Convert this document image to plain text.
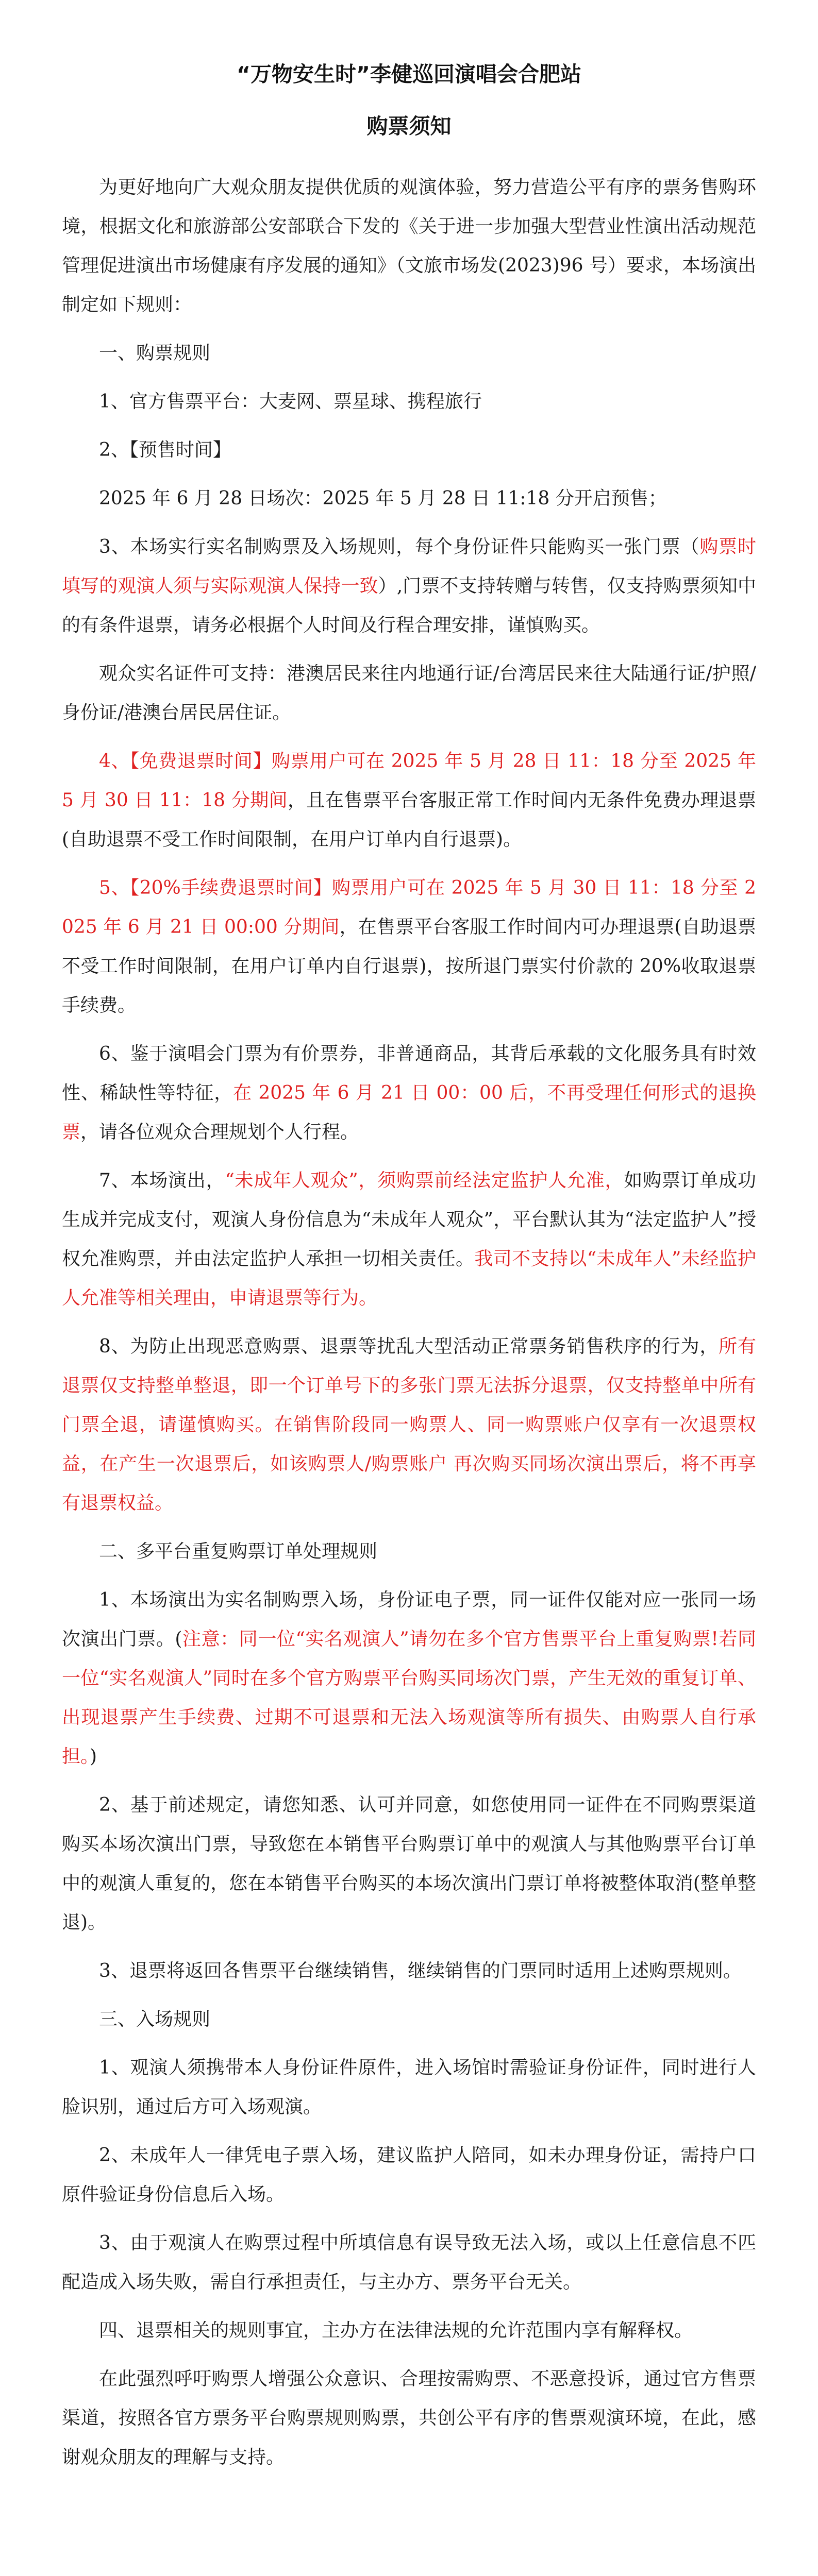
“万物安生时”李健巡回演唱会合肥站
购票须知

为更好地向广大观众朋友提供优质的观演体验，努力营造公平有序的票务售购环境，根据文化和旅游部公安部联合下发的《关于进一步加强大型营业性演出活动规范管理促进演出市场健康有序发展的通知》（文旅市场发(2023)96 号）要求，本场演出制定如下规则：

一、购票规则

1、官方售票平台：大麦网、票星球、携程旅行

2、【预售时间】

2025 年 6 月 28 日场次：2025 年 5 月 28 日 11:18 分开启预售；

3、本场实行实名制购票及入场规则，每个身份证件只能购买一张门票（购票时填写的观演人须与实际观演人保持一致）,门票不支持转赠与转售，仅支持购票须知中的有条件退票，请务必根据个人时间及行程合理安排，谨慎购买。

观众实名证件可支持：港澳居民来往内地通行证/台湾居民来往大陆通行证/护照/身份证/港澳台居民居住证。

4、【免费退票时间】购票用户可在 2025 年 5 月 28 日 11：18 分至 2025 年 5 月 30 日 11：18 分期间，且在售票平台客服正常工作时间内无条件免费办理退票(自助退票不受工作时间限制，在用户订单内自行退票)。

5、【20%手续费退票时间】购票用户可在 2025 年 5 月 30 日 11：18 分至 2025 年 6 月 21 日 00:00 分期间，在售票平台客服工作时间内可办理退票(自助退票不受工作时间限制，在用户订单内自行退票)，按所退门票实付价款的 20%收取退票手续费。

6、鉴于演唱会门票为有价票券，非普通商品，其背后承载的文化服务具有时效性、稀缺性等特征，在 2025 年 6 月 21 日 00：00 后，不再受理任何形式的退换票，请各位观众合理规划个人行程。

7、本场演出，“未成年人观众”，须购票前经法定监护人允准，如购票订单成功生成并完成支付，观演人身份信息为“未成年人观众”，平台默认其为“法定监护人”授权允准购票，并由法定监护人承担一切相关责任。我司不支持以“未成年人”未经监护人允准等相关理由，申请退票等行为。

8、为防止出现恶意购票、退票等扰乱大型活动正常票务销售秩序的行为，所有退票仅支持整单整退，即一个订单号下的多张门票无法拆分退票，仅支持整单中所有门票全退，请谨慎购买。在销售阶段同一购票人、同一购票账户仅享有一次退票权益，在产生一次退票后，如该购票人/购票账户 再次购买同场次演出票后，将不再享有退票权益。

二、多平台重复购票订单处理规则

1、本场演出为实名制购票入场，身份证电子票，同一证件仅能对应一张同一场次演出门票。(注意：同一位“实名观演人”请勿在多个官方售票平台上重复购票!若同一位“实名观演人”同时在多个官方购票平台购买同场次门票，产生无效的重复订单、出现退票产生手续费、过期不可退票和无法入场观演等所有损失、由购票人自行承担。)

2、基于前述规定，请您知悉、认可并同意，如您使用同一证件在不同购票渠道购买本场次演出门票，导致您在本销售平台购票订单中的观演人与其他购票平台订单中的观演人重复的，您在本销售平台购买的本场次演出门票订单将被整体取消(整单整退)。

3、退票将返回各售票平台继续销售，继续销售的门票同时适用上述购票规则。

三、入场规则

1、观演人须携带本人身份证件原件，进入场馆时需验证身份证件，同时进行人脸识别，通过后方可入场观演。

2、未成年人一律凭电子票入场，建议监护人陪同，如未办理身份证，需持户口原件验证身份信息后入场。

3、由于观演人在购票过程中所填信息有误导致无法入场，或以上任意信息不匹配造成入场失败，需自行承担责任，与主办方、票务平台无关。

四、退票相关的规则事宜，主办方在法律法规的允许范围内享有解释权。

在此强烈呼吁购票人增强公众意识、合理按需购票、不恶意投诉，通过官方售票渠道，按照各官方票务平台购票规则购票，共创公平有序的售票观演环境，在此，感谢观众朋友的理解与支持。
